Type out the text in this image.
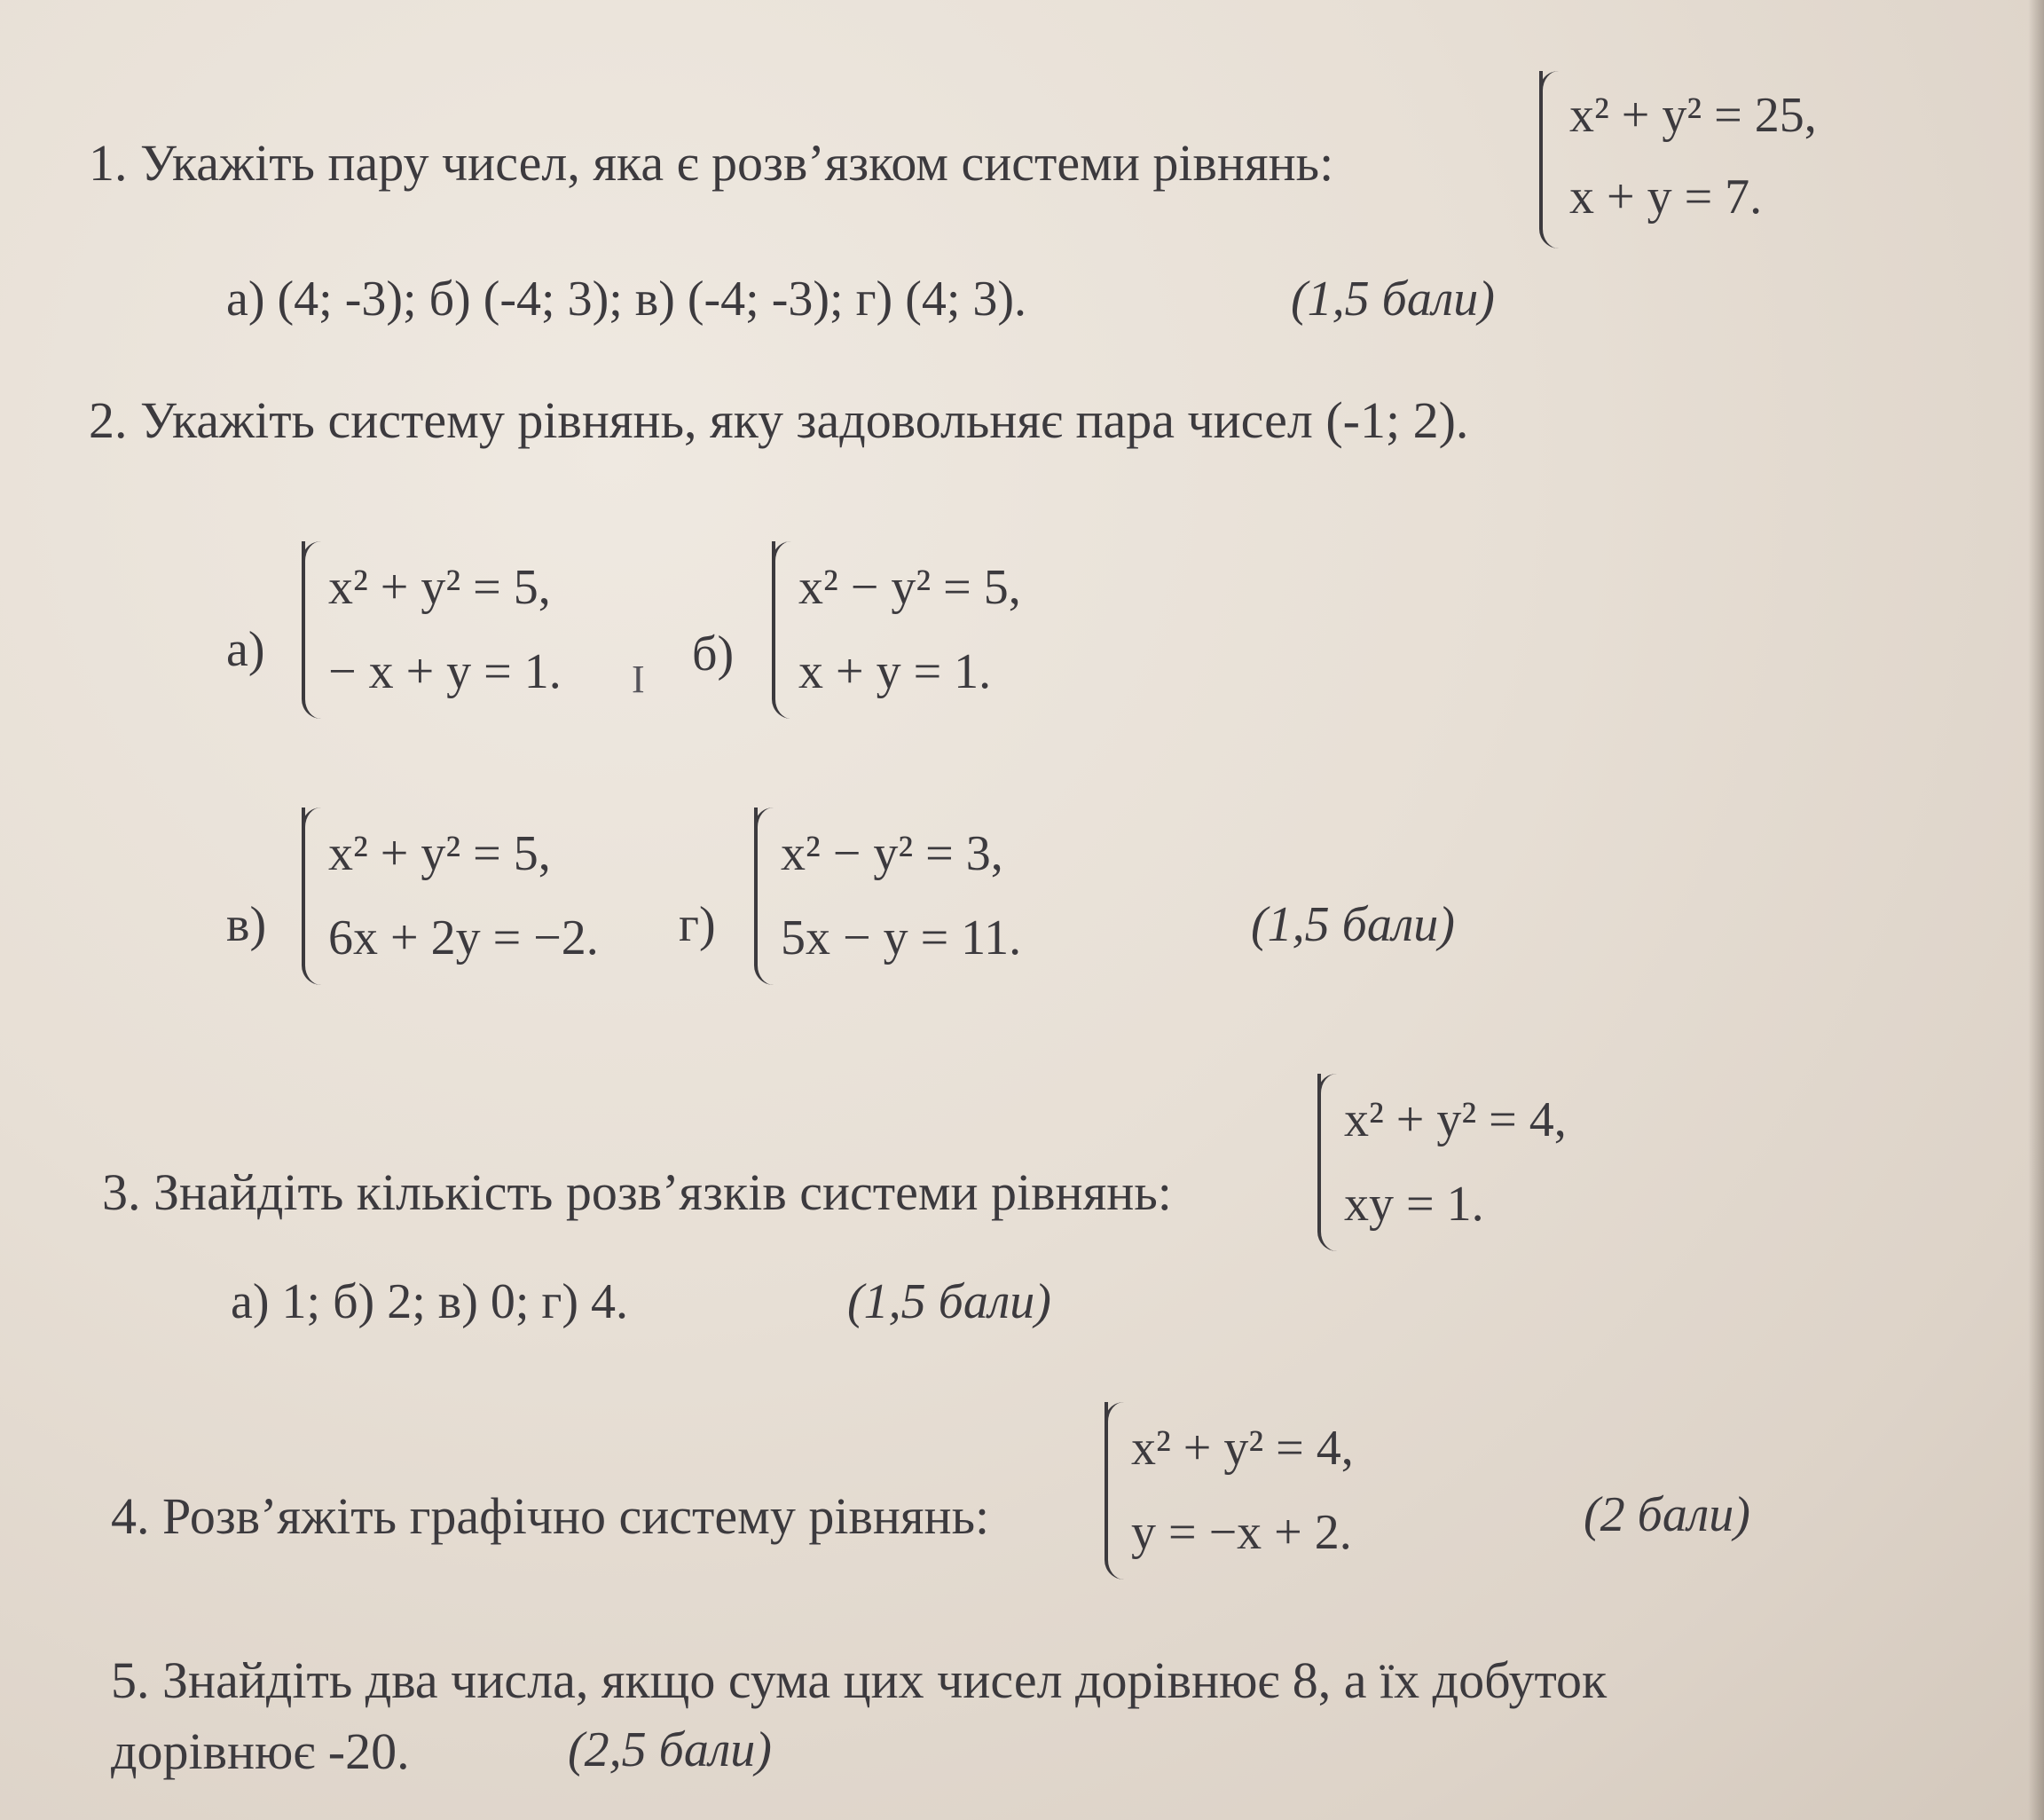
1. Укажіть пару чисел, яка є розв’язком системи рівнянь:
x² + y² = 25,
x + y = 7.
а) (4; -3); б) (-4; 3); в) (-4; -3); г) (4; 3).	(1,5 бали)
2. Укажіть систему рівнянь, яку задовольняє пара чисел (-1; 2).
а)
x² + y² = 5,
− x + y = 1. I б)
x² − y² = 5,
x + y = 1.
в)
x² + y² = 5,
6x + 2y = −2. г)
x² − y² = 3,
5x − y = 11.	(1,5 бали)
3. Знайдіть кількість розв’язків системи рівнянь:
x² + y² = 4,
xy = 1.
а) 1; б) 2; в) 0; г) 4.	(1,5 бали)
4. Розв’яжіть графічно систему рівнянь:
x² + y² = 4,
y = −x + 2.	(2 бали)
5. Знайдіть два числа, якщо сума цих чисел дорівнює 8, а їх добуток
дорівнює -20.	(2,5 бали)
